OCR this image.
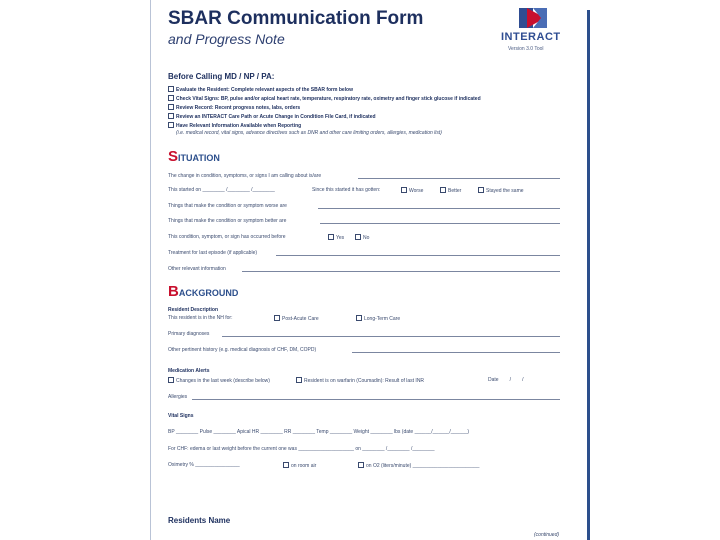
SBAR Communication Form
and Progress Note	INTERACT
Version 3.0 Tool
Before Calling MD / NP / PA:
Evaluate the Resident: Complete relevant aspects of the SBAR form below
Check Vital Signs: BP, pulse and/or apical heart rate, temperature, respiratory rate, oximetry and finger stick glucose if indicated
Review Record: Recent progress notes, labs, orders
Review an INTERACT Care Path or Acute Change in Condition File Card, if indicated
Have Relevant Information Available when Reporting
(i.e. medical record, vital signs, advance directives such as DNR and other care limiting orders, allergies, medication list)
SITUATION
The change in condition, symptoms, or signs I am calling about is/are
This started on ________ /________ /________	Since this started it has gotten:	Worse	Better	Stayed the same
Things that make the condition or symptom worse are
Things that make the condition or symptom better are
This condition, symptom, or sign has occurred before	Yes	No
Treatment for last episode (if applicable)
Other relevant information
BACKGROUND
Resident Description
This resident is in the NH for:	Post-Acute Care	Long-Term Care
Primary diagnoses
Other pertinent history (e.g. medical diagnosis of CHF, DM, COPD)
Medication Alerts
Changes in the last week (describe below)	Resident is on warfarin (Coumadin): Result of last INR	Date        /        /
Allergies
Vital Signs
BP ________ Pulse ________ Apical HR ________ RR ________ Temp ________ Weight ________ lbs (date ______/______/______)
For CHF: edema or last weight before the current one was ____________________ on ________ /________ /________
Oximetry % ________________	on room air	on O2 (liters/minute) ________________________
Residents Name
(continued)
